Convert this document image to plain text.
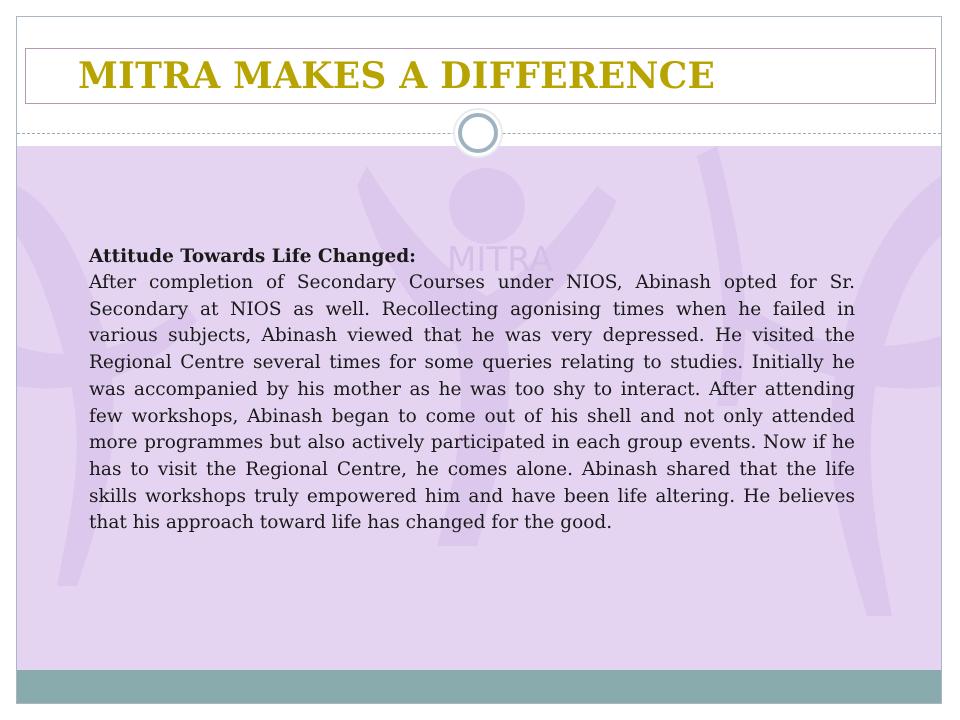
MITRA MAKES A DIFFERENCE
MITRA

Attitude Towards Life Changed:

After completion of Secondary Courses under NIOS, Abinash opted for Sr. Secondary at NIOS as well. Recollecting agonising times when he failed in various subjects, Abinash viewed that he was very depressed. He visited the Regional Centre several times for some queries relating to studies. Initially he was accompanied by his mother as he was too shy to interact. After attending few workshops, Abinash began to come out of his shell and not only attended more programmes but also actively participated in each group events. Now if he has to visit the Regional Centre, he comes alone. Abinash shared that the life skills workshops truly empowered him and have been life altering. He believes that his approach toward life has changed for the good.
